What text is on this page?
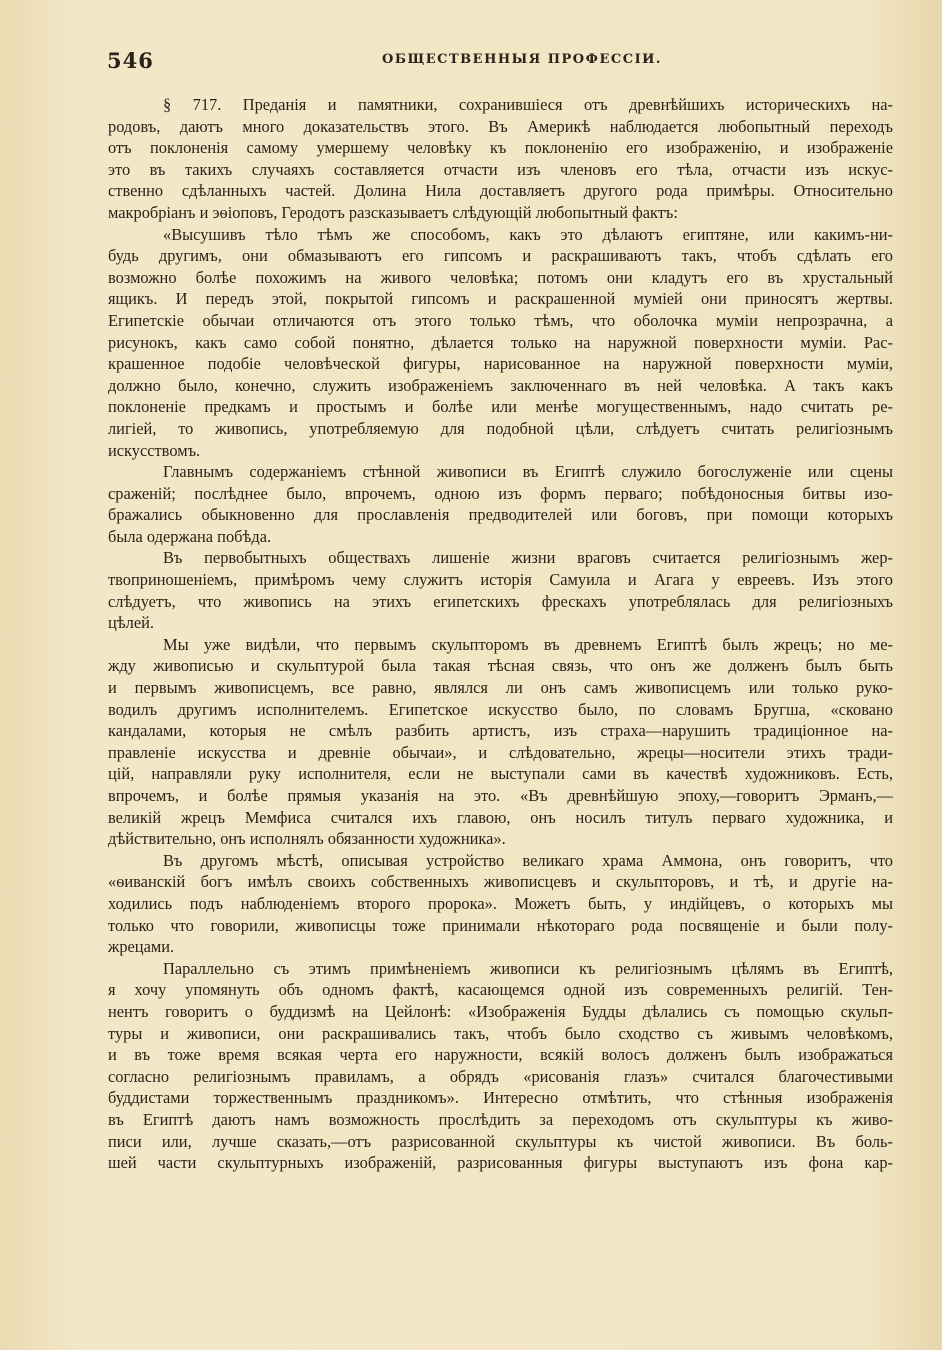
546	ОБЩЕСТВЕННЫЯ ПРОФЕССІИ.
§ 717. Преданія и памятники, сохранившіеся отъ древнѣйшихъ историческихъ на-
родовъ, даютъ много доказательствъ этого. Въ Америкѣ наблюдается любопытный переходъ
отъ поклоненія самому умершему человѣку къ поклоненію его изображенію, и изображеніе
это въ такихъ случаяхъ составляется отчасти изъ членовъ его тѣла, отчасти изъ искус-
ственно сдѣланныхъ частей. Долина Нила доставляетъ другого рода примѣры. Относительно
макробріанъ и эѳіоповъ, Геродотъ разсказываетъ слѣдующій любопытный фактъ:
«Высушивъ тѣло тѣмъ же способомъ, какъ это дѣлаютъ египтяне, или какимъ-ни-
будь другимъ, они обмазываютъ его гипсомъ и раскрашиваютъ такъ, чтобъ сдѣлать его
возможно болѣе похожимъ на живого человѣка; потомъ они кладутъ его въ хрустальный
ящикъ. И передъ этой, покрытой гипсомъ и раскрашенной муміей они приносятъ жертвы.
Египетскіе обычаи отличаются отъ этого только тѣмъ, что оболочка муміи непрозрачна, а
рисунокъ, какъ само собой понятно, дѣлается только на наружной поверхности муміи. Рас-
крашенное подобіе человѣческой фигуры, нарисованное на наружной поверхности муміи,
должно было, конечно, служить изображеніемъ заключеннаго въ ней человѣка. А такъ какъ
поклоненіе предкамъ и простымъ и болѣе или менѣе могущественнымъ, надо считать ре-
лигіей, то живопись, употребляемую для подобной цѣли, слѣдуетъ считать религіознымъ
искусствомъ.
Главнымъ содержаніемъ стѣнной живописи въ Египтѣ служило богослуженіе или сцены
сраженій; послѣднее было, впрочемъ, одною изъ формъ перваго; побѣдоносныя битвы изо-
бражались обыкновенно для прославленія предводителей или боговъ, при помощи которыхъ
была одержана побѣда.
Въ первобытныхъ обществахъ лишеніе жизни враговъ считается религіознымъ жер-
твоприношеніемъ, примѣромъ чему служитъ исторія Самуила и Агага у евреевъ. Изъ этого
слѣдуетъ, что живопись на этихъ египетскихъ фрескахъ употреблялась для религіозныхъ
цѣлей.
Мы уже видѣли, что первымъ скульпторомъ въ древнемъ Египтѣ былъ жрецъ; но ме-
жду живописью и скульптурой была такая тѣсная связь, что онъ же долженъ былъ быть
и первымъ живописцемъ, все равно, являлся ли онъ самъ живописцемъ или только руко-
водилъ другимъ исполнителемъ. Египетское искусство было, по словамъ Бругша, «сковано
кандалами, которыя не смѣлъ разбить артистъ, изъ страха—нарушить традиціонное на-
правленіе искусства и древніе обычаи», и слѣдовательно, жрецы—носители этихъ тради-
цій, направляли руку исполнителя, если не выступали сами въ качествѣ художниковъ. Есть,
впрочемъ, и болѣе прямыя указанія на это. «Въ древнѣйшую эпоху,—говоритъ Эрманъ,—
великій жрецъ Мемфиса считался ихъ главою, онъ носилъ титулъ перваго художника, и
дѣйствительно, онъ исполнялъ обязанности художника».
Въ другомъ мѣстѣ, описывая устройство великаго храма Аммона, онъ говоритъ, что
«ѳиванскій богъ имѣлъ своихъ собственныхъ живописцевъ и скульпторовъ, и тѣ, и другіе на-
ходились подъ наблюденіемъ второго пророка». Можетъ быть, у индійцевъ, о которыхъ мы
только что говорили, живописцы тоже принимали нѣкотораго рода посвященіе и были полу-
жрецами.
Параллельно съ этимъ примѣненіемъ живописи къ религіознымъ цѣлямъ въ Египтѣ,
я хочу упомянуть объ одномъ фактѣ, касающемся одной изъ современныхъ религій. Тен-
нентъ говоритъ о буддизмѣ на Цейлонѣ: «Изображенія Будды дѣлались съ помощью скульп-
туры и живописи, они раскрашивались такъ, чтобъ было сходство съ живымъ человѣкомъ,
и въ тоже время всякая черта его наружности, всякій волосъ долженъ былъ изображаться
согласно религіознымъ правиламъ, а обрядъ «рисованія глазъ» считался благочестивыми
буддистами торжественнымъ праздникомъ». Интересно отмѣтить, что стѣнныя изображенія
въ Египтѣ даютъ намъ возможность прослѣдить за переходомъ отъ скульптуры къ живо-
писи или, лучше сказать,—отъ разрисованной скульптуры къ чистой живописи. Въ боль-
шей части скульптурныхъ изображеній, разрисованныя фигуры выступаютъ изъ фона кар-
